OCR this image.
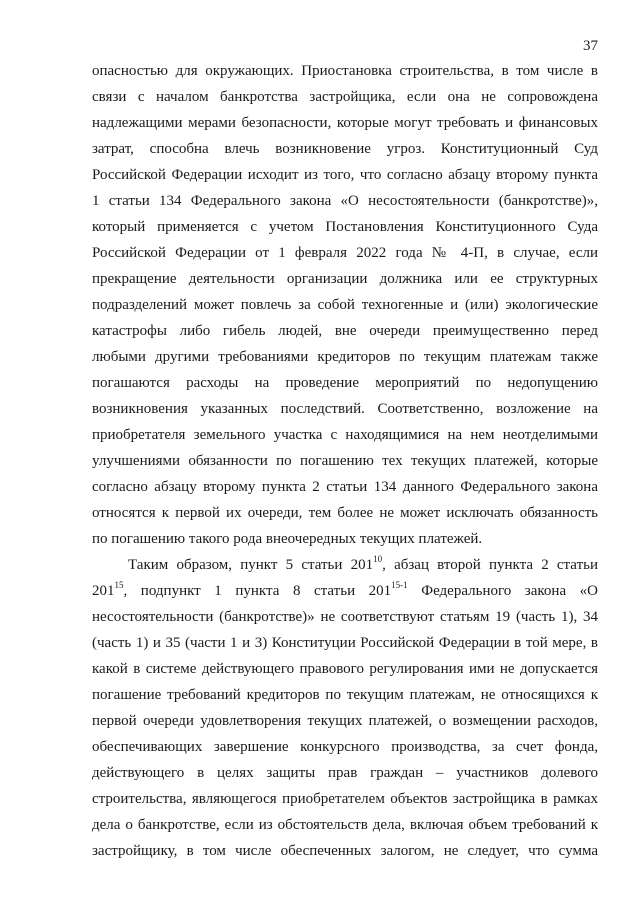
37
опасностью для окружающих. Приостановка строительства, в том числе в
связи с началом банкротства застройщика, если она не сопровождена
надлежащими мерами безопасности, которые могут требовать и финансовых
затрат, способна влечь возникновение угроз. Конституционный Суд
Российской Федерации исходит из того, что согласно абзацу второму пункта
1 статьи 134 Федерального закона «О несостоятельности (банкротстве)»,
который применяется с учетом Постановления Конституционного Суда
Российской Федерации от 1 февраля 2022 года № 4-П, в случае, если
прекращение деятельности организации должника или ее структурных
подразделений может повлечь за собой техногенные и (или) экологические
катастрофы либо гибель людей, вне очереди преимущественно перед
любыми другими требованиями кредиторов по текущим платежам также
погашаются расходы на проведение мероприятий по недопущению
возникновения указанных последствий. Соответственно, возложение на
приобретателя земельного участка с находящимися на нем неотделимыми
улучшениями обязанности по погашению тех текущих платежей, которые
согласно абзацу второму пункта 2 статьи 134 данного Федерального закона
относятся к первой их очереди, тем более не может исключать обязанность
по погашению такого рода внеочередных текущих платежей.
Таким образом, пункт 5 статьи $201^{10}$, абзац второй пункта 2 статьи
$201^{15}$, подпункт 1 пункта 8 статьи 201$^{15-1}$ Федерального закона «О
несостоятельности (банкротстве)» не соответствуют статьям 19 (часть 1), 34
(часть 1) и 35 (части 1 и 3) Конституции Российской Федерации в той мере, в
какой в системе действующего правового регулирования ими не допускается
погашение требований кредиторов по текущим платежам, не относящихся к
первой очереди удовлетворения текущих платежей, о возмещении расходов,
обеспечивающих завершение конкурсного производства, за счет фонда,
действующего в целях защиты прав граждан – участников долевого
строительства, являющегося приобретателем объектов застройщика в рамках
дела о банкротстве, если из обстоятельств дела, включая объем требований к
застройщику, в том числе обеспеченных залогом, не следует, что сумма
